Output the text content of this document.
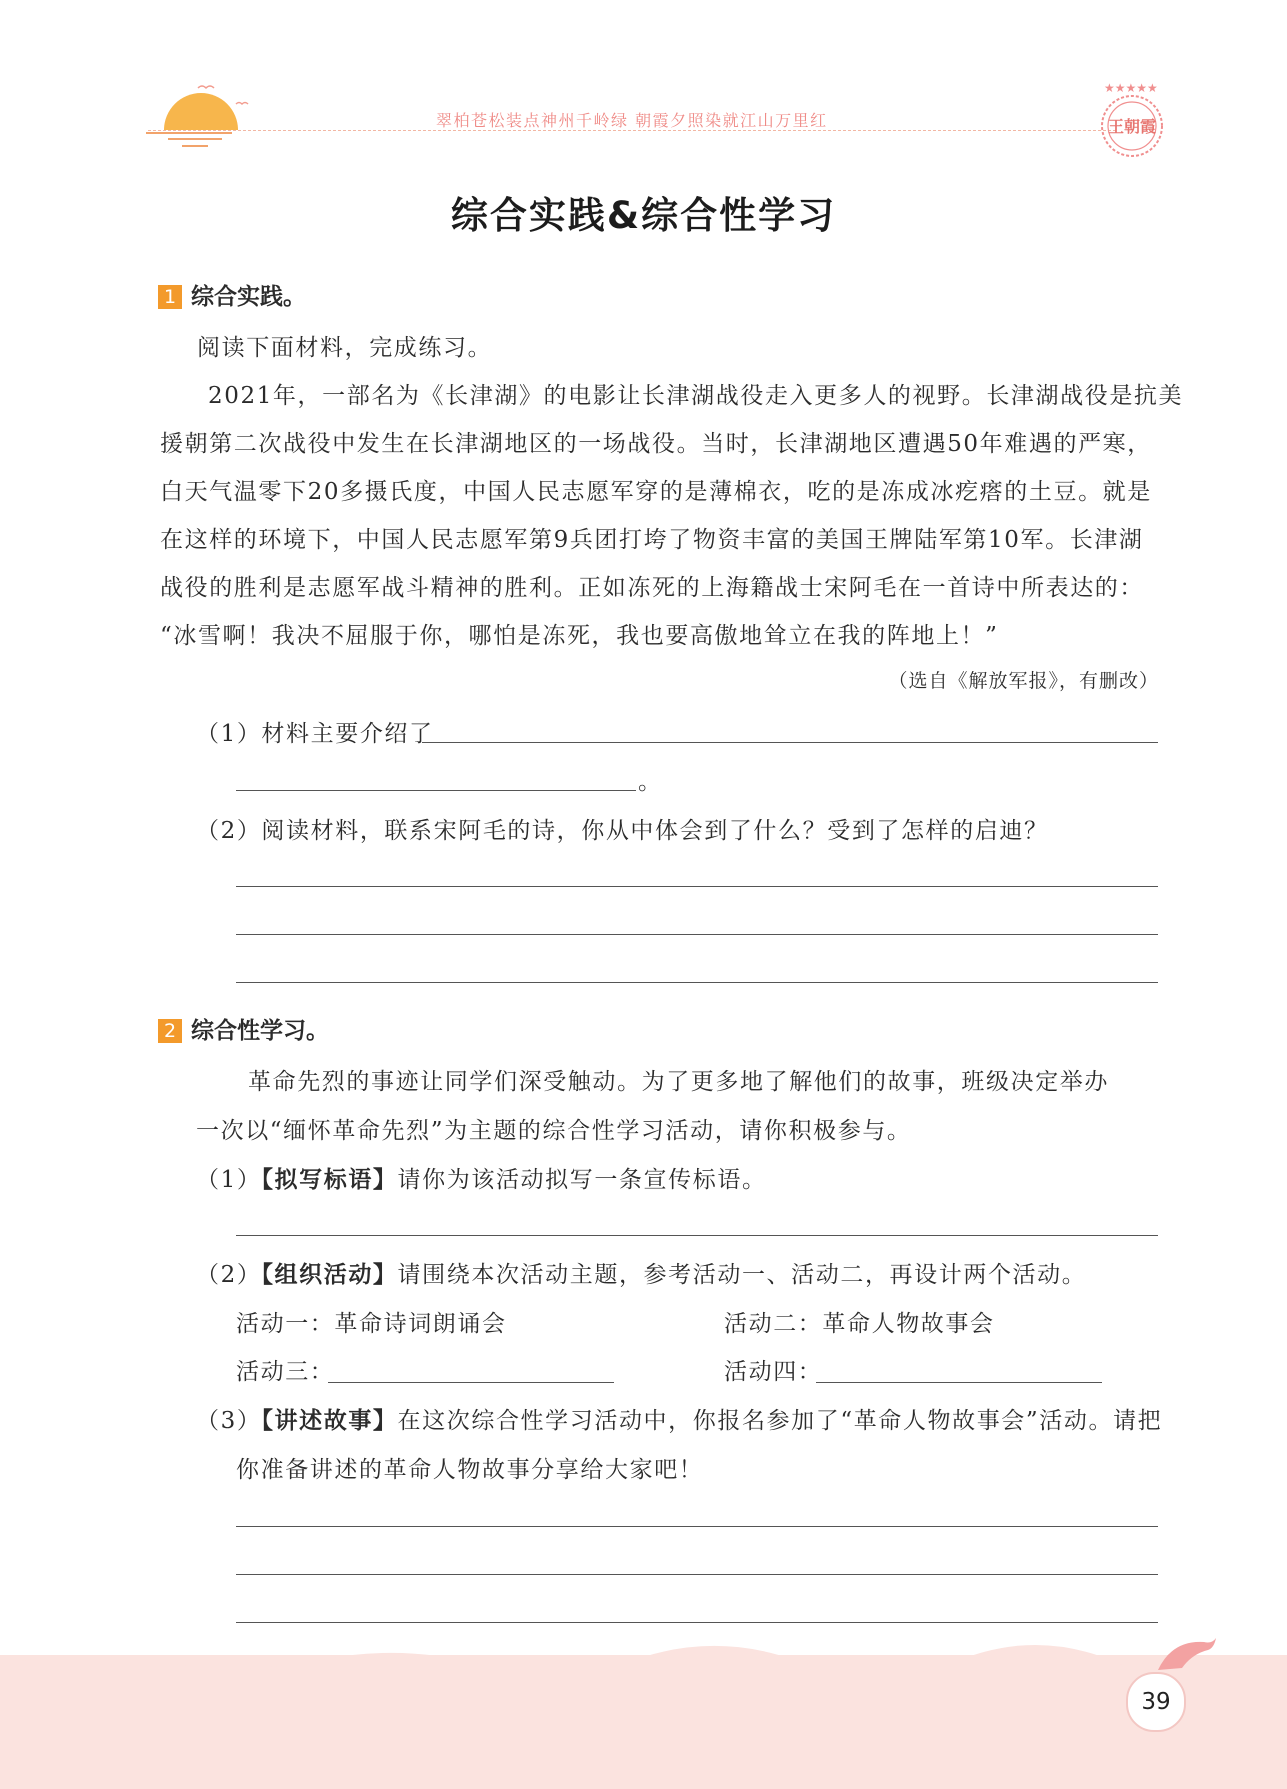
翠柏苍松装点神州千岭绿 朝霞夕照染就江山万里红
★★★★★
王朝霞
综合实践&综合性学习
1 综合实践。
阅读下面材料，完成练习。
2021年，一部名为《长津湖》的电影让长津湖战役走入更多人的视野。长津湖战役是抗美
援朝第二次战役中发生在长津湖地区的一场战役。当时，长津湖地区遭遇50年难遇的严寒，
白天气温零下20多摄氏度，中国人民志愿军穿的是薄棉衣，吃的是冻成冰疙瘩的土豆。就是
在这样的环境下，中国人民志愿军第9兵团打垮了物资丰富的美国王牌陆军第10军。长津湖
战役的胜利是志愿军战斗精神的胜利。正如冻死的上海籍战士宋阿毛在一首诗中所表达的：
“冰雪啊！我决不屈服于你，哪怕是冻死，我也要高傲地耸立在我的阵地上！”
（选自《解放军报》，有删改）
（1）材料主要介绍了
。
（2）阅读材料，联系宋阿毛的诗，你从中体会到了什么？受到了怎样的启迪？
2 综合性学习。
革命先烈的事迹让同学们深受触动。为了更多地了解他们的故事，班级决定举办
一次以“缅怀革命先烈”为主题的综合性学习活动，请你积极参与。
（1）【拟写标语】请你为该活动拟写一条宣传标语。
（2）【组织活动】请围绕本次活动主题，参考活动一、活动二，再设计两个活动。
活动一：革命诗词朗诵会	活动二：革命人物故事会
活动三：	活动四：
（3）【讲述故事】在这次综合性学习活动中，你报名参加了“革命人物故事会”活动。请把
你准备讲述的革命人物故事分享给大家吧！
39
